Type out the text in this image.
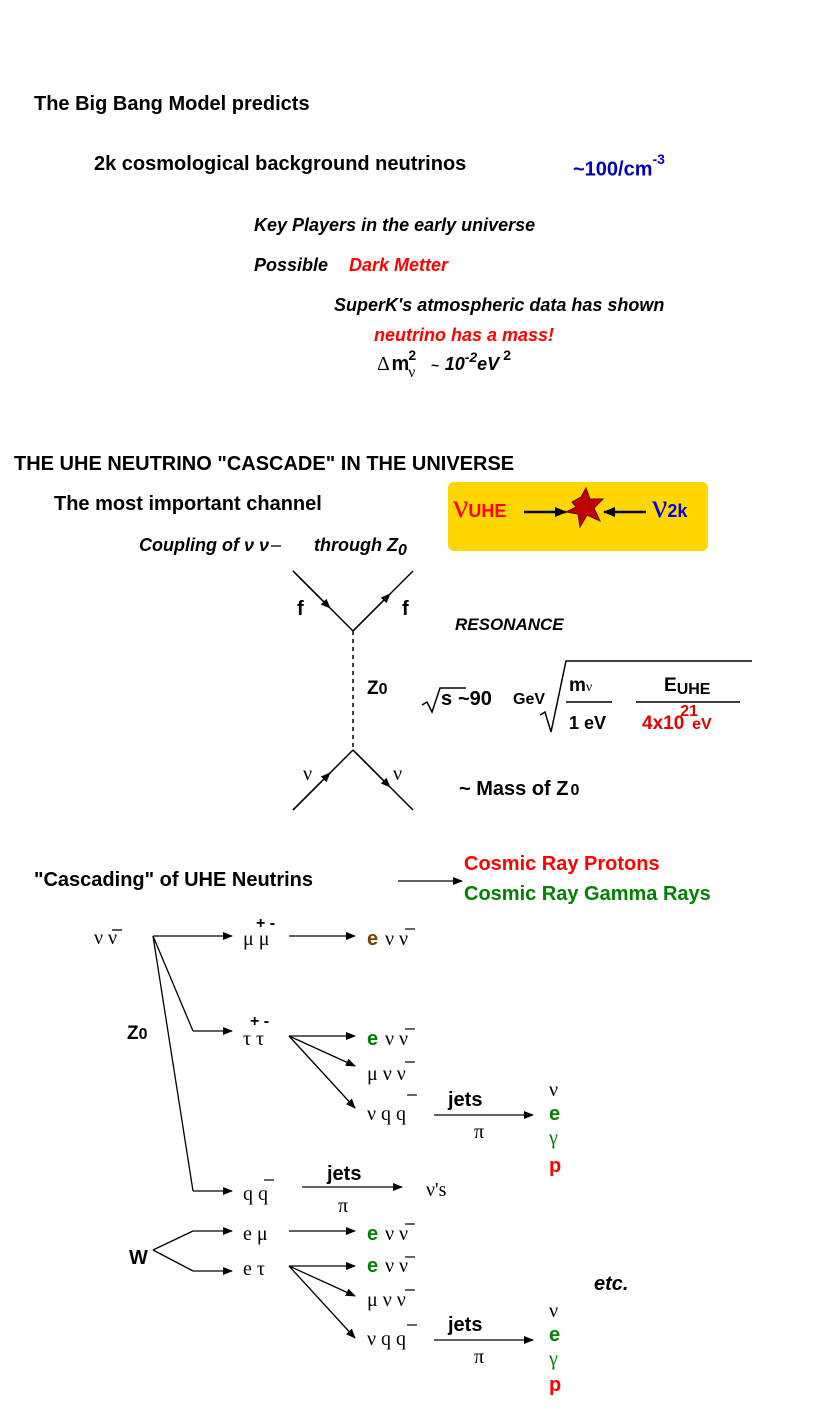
The Big Bang Model predicts
2k cosmological background neutrinos	$\sim 100/cm^{-3}$
Key Players in the early universe
Possible Dark Metter
SuperK's atmospheric data has shown
neutrino has a mass!
Δ $m^2_\nu$ ~ $10^{-2}eV$ $^2$
THE UHE NEUTRINO "CASCADE" IN THE UNIVERSE
The most important channel
Coupling of ν ν	through Z0
νUHE	ν2k
f	f
Z0
ν	ν
RESONANCE
s ~90 GeV
mν
1 eV
EUHE
$4x10^{21}eV$
~ Mass of Z 0
"Cascading" of UHE Neutrins
Cosmic Ray Protons
Cosmic Ray Gamma Rays
ν ν
Z0
W
μ μ
+ -
e ν ν
τ τ
+ -
e ν ν
μ ν ν
ν q q
jets
π
ν
e
γ
p
q q
jets
π
ν's
e μ	e ν ν
e τ	e ν ν
μ ν ν
ν q q
jets
π
ν
e
γ
p
etc.
